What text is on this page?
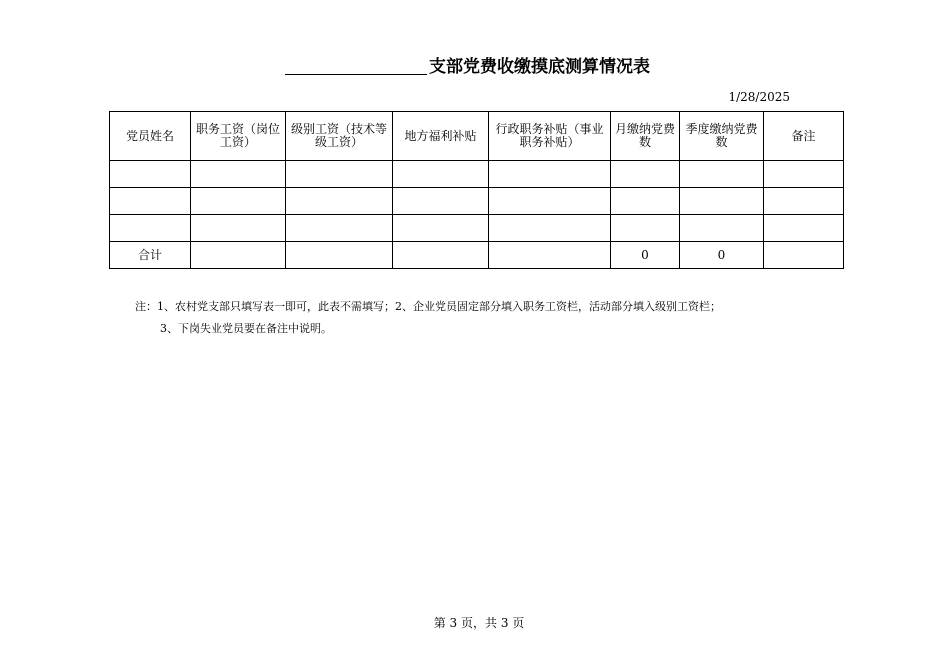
支部党费收缴摸底测算情况表
1/28/2025
党员姓名	职务工资（岗位工资）	级别工资（技术等级工资）	地方福利补贴	行政职务补贴（事业职务补贴）	月缴纳党费数	季度缴纳党费数	备注

合计					0	0	
注：1、农村党支部只填写表一即可，此表不需填写；2、企业党员固定部分填入职务工资栏，活动部分填入级别工资栏；
3、下岗失业党员要在备注中说明。
第 3 页，共 3 页
